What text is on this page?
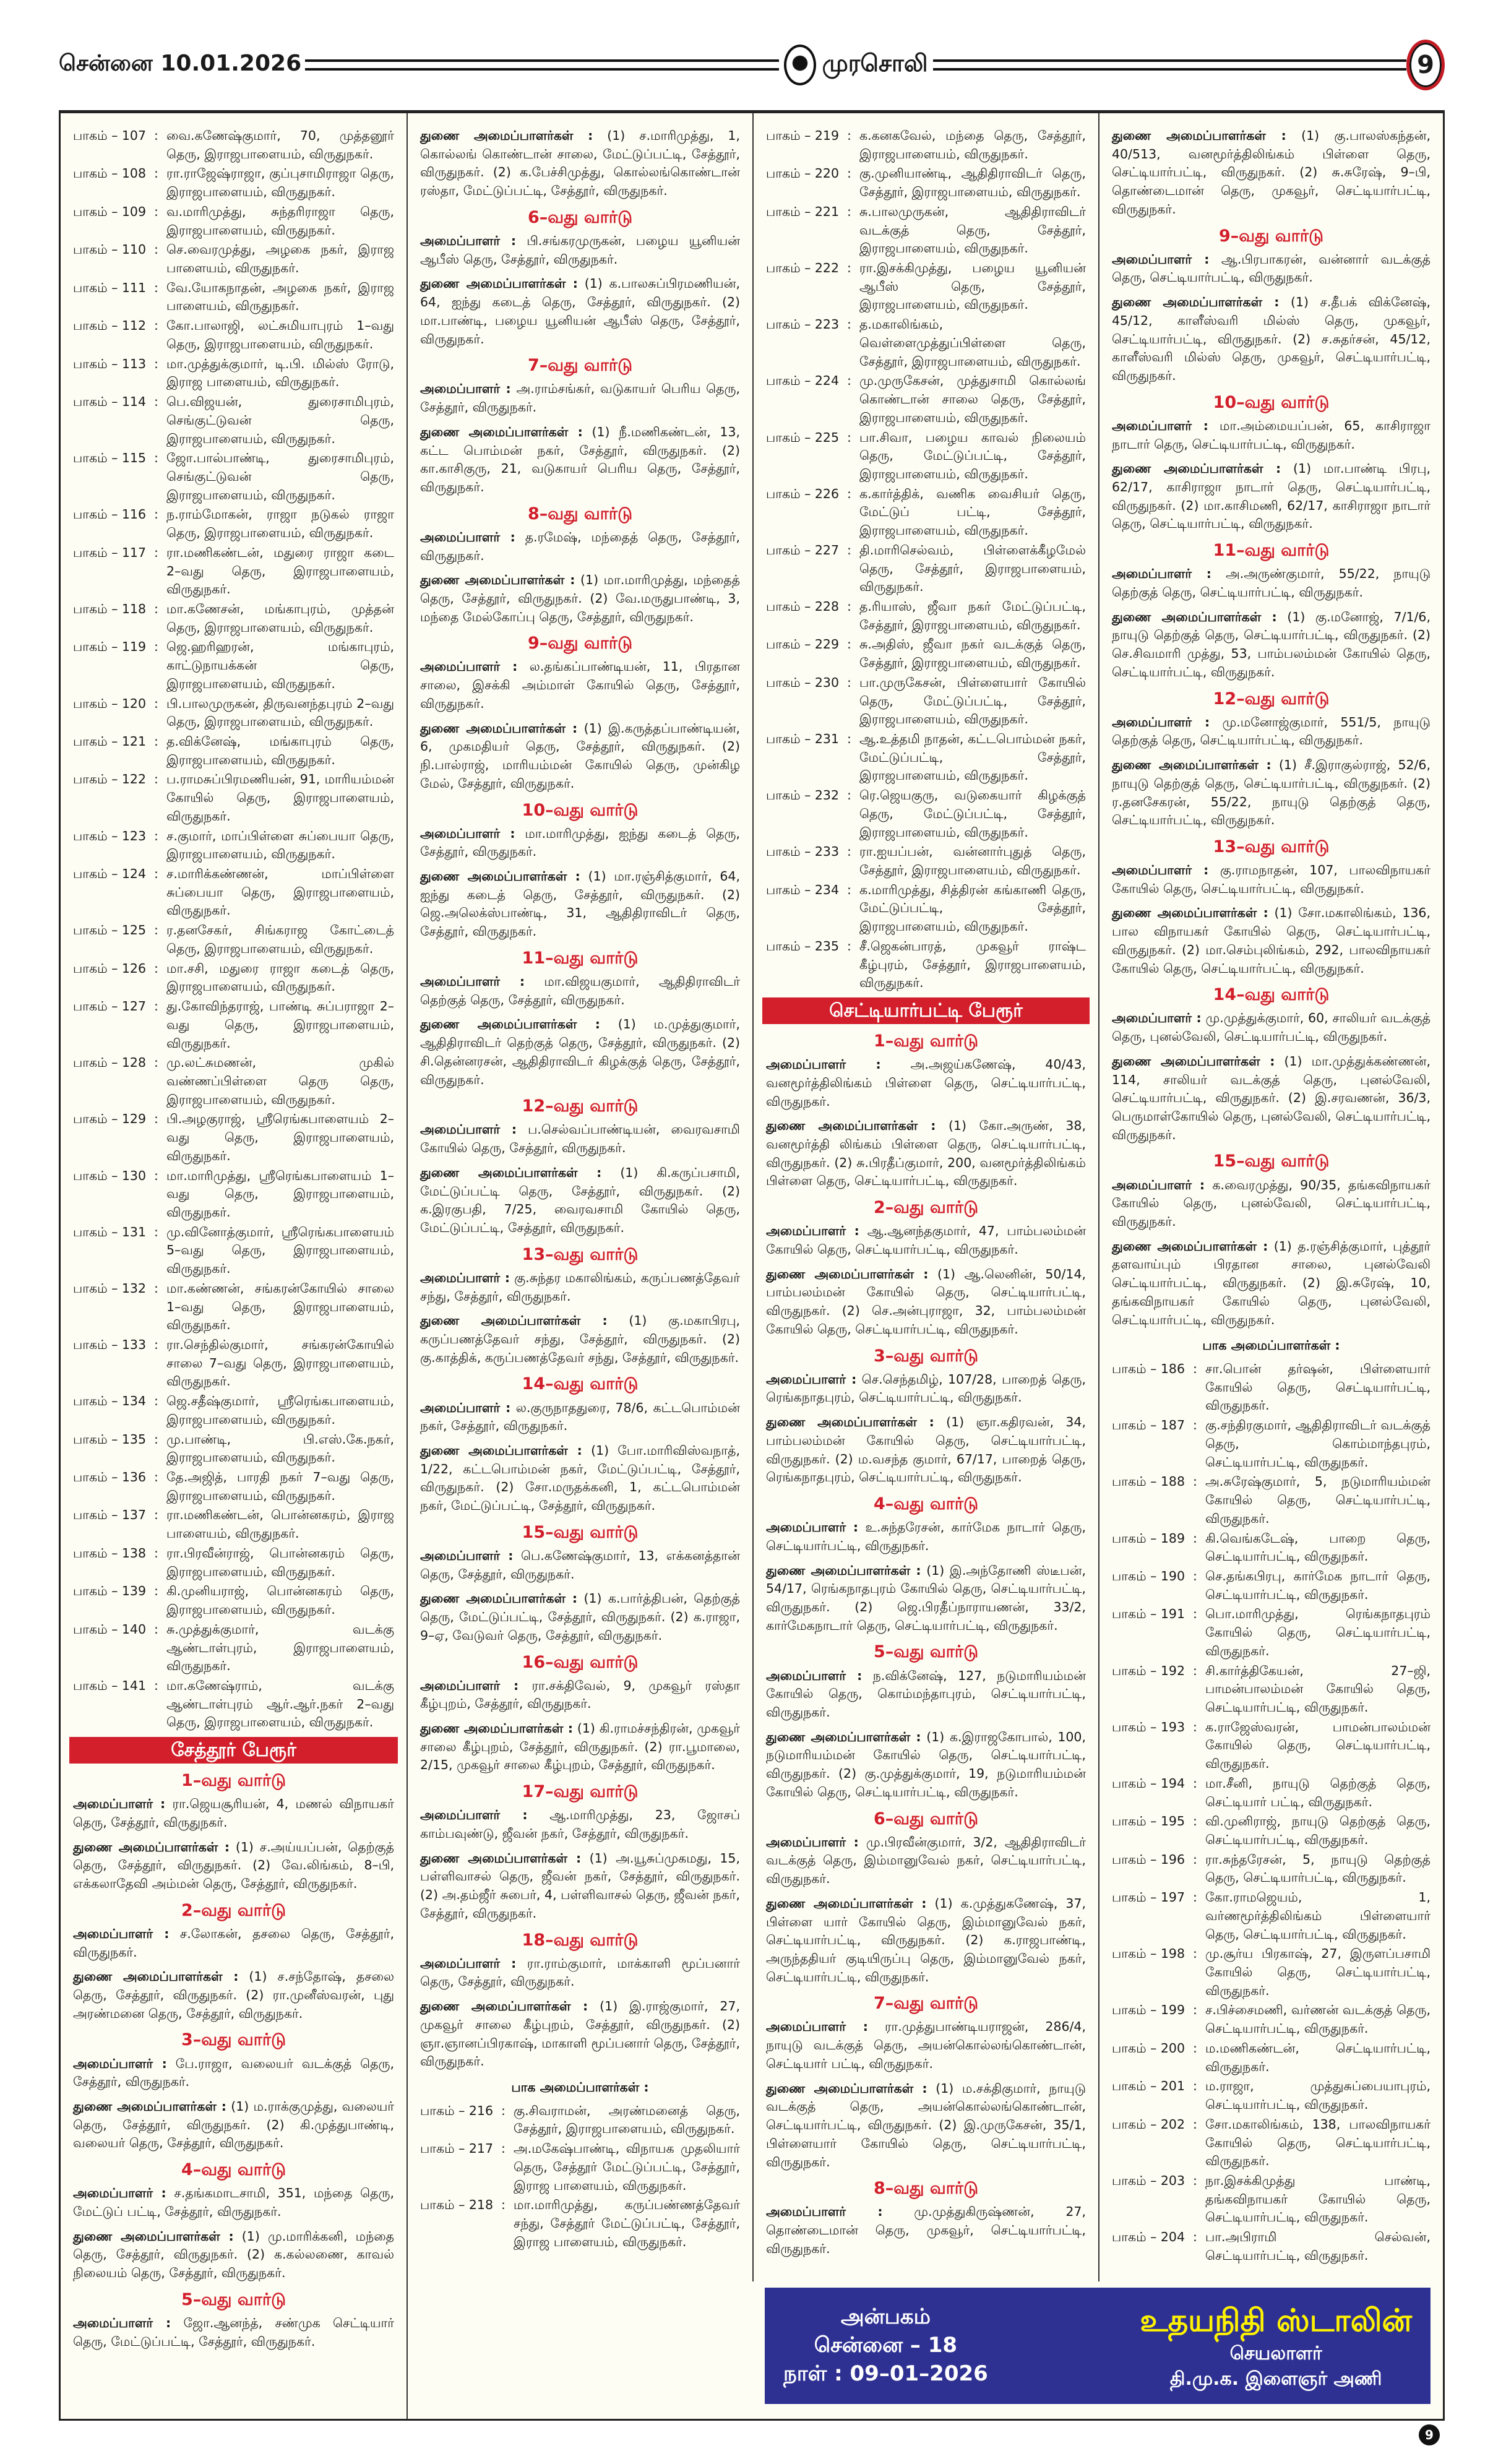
சென்னை 10.01.2026	முரசொலி	9
பாகம் – 107 : வை.கணேஷ்குமார், 70, முத்தனூர் தெரு, இராஜபாளையம், விருதுநகர்.
பாகம் – 108 : ரா.ராஜேஷ்ராஜா, குப்புசாமிராஜா தெரு, இராஜபாளையம், விருதுநகர்.
பாகம் – 109 : வ.மாரிமுத்து, சுந்தரிராஜா தெரு, இராஜபாளையம், விருதுநகர்.
பாகம் – 110 : செ.வைரமுத்து, அழகை நகர், இராஜ பாளையம், விருதுநகர்.
பாகம் – 111 : வே.யோகநாதன், அழகை நகர், இராஜ பாளையம், விருதுநகர்.
பாகம் – 112 : கோ.பாலாஜி, லட்சுமியாபுரம் 1–வது தெரு, இராஜபாளையம், விருதுநகர்.
பாகம் – 113 : மா.முத்துக்குமார், டி.பி. மில்ஸ் ரோடு, இராஜ பாளையம், விருதுநகர்.
பாகம் – 114 : பெ.விஜயன், துரைசாமிபுரம், செங்குட்டுவன் தெரு, இராஜபாளையம், விருதுநகர்.
பாகம் – 115 : ஜோ.பால்பாண்டி, துரைசாமிபுரம், செங்குட்டுவன் தெரு, இராஜபாளையம், விருதுநகர்.
பாகம் – 116 : ந.ராம்மோகன், ராஜா நடுகல் ராஜா தெரு, இராஜபாளையம், விருதுநகர்.
பாகம் – 117 : ரா.மணிகண்டன், மதுரை ராஜா கடை 2–வது தெரு, இராஜபாளையம், விருதுநகர்.
பாகம் – 118 : மா.கணேசன், மங்காபுரம், முத்தன் தெரு, இராஜபாளையம், விருதுநகர்.
பாகம் – 119 : ஜெ.ஹரிஹரன், மங்காபுரம், காட்டுநாயக்கன் தெரு, இராஜபாளையம், விருதுநகர்.
பாகம் – 120 : பி.பாலமுருகன், திருவனந்தபுரம் 2–வது தெரு, இராஜபாளையம், விருதுநகர்.
பாகம் – 121 : த.விக்னேஷ், மங்காபுரம் தெரு, இராஜபாளையம், விருதுநகர்.
பாகம் – 122 : ப.ராமசுப்பிரமணியன், 91, மாரியம்மன் கோயில் தெரு, இராஜபாளையம், விருதுநகர்.
பாகம் – 123 : ச.குமார், மாப்பிள்ளை சுப்பையா தெரு, இராஜபாளையம், விருதுநகர்.
பாகம் – 124 : ச.மாரிக்கண்ணன், மாப்பிள்ளை சுப்பையா தெரு, இராஜபாளையம், விருதுநகர்.
பாகம் – 125 : ர.தனசேகர், சிங்கராஜ கோட்டைத் தெரு, இராஜபாளையம், விருதுநகர்.
பாகம் – 126 : மா.சசி, மதுரை ராஜா கடைத் தெரு, இராஜபாளையம், விருதுநகர்.
பாகம் – 127 : து.கோவிந்தராஜ், பாண்டி சுப்பராஜா 2–வது தெரு, இராஜபாளையம், விருதுநகர்.
பாகம் – 128 : மு.லட்சுமணன், முகில் வண்ணப்பிள்ளை தெரு தெரு, இராஜபாளையம், விருதுநகர்.
பாகம் – 129 : பி.அழகுராஜ், ஸ்ரீரெங்கபாளையம் 2–வது தெரு, இராஜபாளையம், விருதுநகர்.
பாகம் – 130 : மா.மாரிமுத்து, ஸ்ரீரெங்கபாளையம் 1–வது தெரு, இராஜபாளையம், விருதுநகர்.
பாகம் – 131 : மு.வினோத்குமார், ஸ்ரீரெங்கபாளையம் 5–வது தெரு, இராஜபாளையம், விருதுநகர்.
பாகம் – 132 : மா.கண்ணன், சங்கரன்கோயில் சாலை 1–வது தெரு, இராஜபாளையம், விருதுநகர்.
பாகம் – 133 : ரா.செந்தில்குமார், சங்கரன்கோயில் சாலை 7–வது தெரு, இராஜபாளையம், விருதுநகர்.
பாகம் – 134 : ஜெ.சதீஷ்குமார், ஸ்ரீரெங்கபாளையம், இராஜபாளையம், விருதுநகர்.
பாகம் – 135 : மு.பாண்டி, பி.எஸ்.கே.நகர், இராஜபாளையம், விருதுநகர்.
பாகம் – 136 : தே.அஜித், பாரதி நகர் 7–வது தெரு, இராஜபாளையம், விருதுநகர்.
பாகம் – 137 : ரா.மணிகண்டன், பொன்னகரம், இராஜ பாளையம், விருதுநகர்.
பாகம் – 138 : ரா.பிரவீன்ராஜ், பொன்னகரம் தெரு, இராஜபாளையம், விருதுநகர்.
பாகம் – 139 : கி.முனியராஜ், பொன்னகரம் தெரு, இராஜபாளையம், விருதுநகர்.
பாகம் – 140 : சு.முத்துக்குமார், வடக்கு ஆண்டாள்புரம், இராஜபாளையம், விருதுநகர்.
பாகம் – 141 : மா.கணேஷ்ராம், வடக்கு ஆண்டாள்புரம் ஆர்.ஆர்.நகர் 2–வது தெரு, இராஜபாளையம், விருதுநகர்.
சேத்தூர் பேரூர்
1–வது வார்டு
அமைப்பாளர் : ரா.ஜெயசூரியன், 4, மணல் விநாயகர் தெரு, சேத்தூர், விருதுநகர்.
துணை அமைப்பாளர்கள் : (1) ச.அய்யப்பன், தெற்குத் தெரு, சேத்தூர், விருதுநகர். (2) வே.லிங்கம், 8–பி, எக்கலாதேவி அம்மன் தெரு, சேத்தூர், விருதுநகர்.
2–வது வார்டு
அமைப்பாளர் : ச.லோகன், தசலை தெரு, சேத்தூர், விருதுநகர்.
துணை அமைப்பாளர்கள் : (1) ச.சந்தோஷ், தசலை தெரு, சேத்தூர், விருதுநகர். (2) ரா.முனீஸ்வரன், புது அரண்மனை தெரு, சேத்தூர், விருதுநகர்.
3–வது வார்டு
அமைப்பாளர் : பே.ராஜா, வலையர் வடக்குத் தெரு, சேத்தூர், விருதுநகர்.
துணை அமைப்பாளர்கள் : (1) ம.ராக்குமுத்து, வலையர் தெரு, சேத்தூர், விருதுநகர். (2) கி.முத்துபாண்டி, வலையர் தெரு, சேத்தூர், விருதுநகர்.
4–வது வார்டு
அமைப்பாளர் : ச.தங்கமாடசாமி, 351, மந்தை தெரு, மேட்டுப் பட்டி, சேத்தூர், விருதுநகர்.
துணை அமைப்பாளர்கள் : (1) மு.மாரிக்கனி, மந்தை தெரு, சேத்தூர், விருதுநகர். (2) க.கல்லணை, காவல் நிலையம் தெரு, சேத்தூர், விருதுநகர்.
5–வது வார்டு
அமைப்பாளர் : ஜோ.ஆனந்த், சண்முக செட்டியார் தெரு, மேட்டுப்பட்டி, சேத்தூர், விருதுநகர்.
துணை அமைப்பாளர்கள் : (1) ச.மாரிமுத்து, 1, கொல்லங் கொண்டான் சாலை, மேட்டுப்பட்டி, சேத்தூர், விருதுநகர். (2) க.பேச்சிமுத்து, கொல்லங்கொண்டான் ரஸ்தா, மேட்டுப்பட்டி, சேத்தூர், விருதுநகர்.
6–வது வார்டு
அமைப்பாளர் : பி.சங்கரமுருகன், பழைய யூனியன் ஆபீஸ் தெரு, சேத்தூர், விருதுநகர்.
துணை அமைப்பாளர்கள் : (1) க.பாலசுப்பிரமணியன், 64, ஐந்து கடைத் தெரு, சேத்தூர், விருதுநகர். (2) மா.பாண்டி, பழைய யூனியன் ஆபீஸ் தெரு, சேத்தூர், விருதுநகர்.
7–வது வார்டு
அமைப்பாளர் : அ.ராம்சங்கர், வடுகாயர் பெரிய தெரு, சேத்தூர், விருதுநகர்.
துணை அமைப்பாளர்கள் : (1) நீ.மணிகண்டன், 13, கட்ட பொம்மன் நகர், சேத்தூர், விருதுநகர். (2) கா.காசிகுரு, 21, வடுகாயர் பெரிய தெரு, சேத்தூர், விருதுநகர்.
8–வது வார்டு
அமைப்பாளர் : த.ரமேஷ், மந்தைத் தெரு, சேத்தூர், விருதுநகர்.
துணை அமைப்பாளர்கள் : (1) மா.மாரிமுத்து, மந்தைத் தெரு, சேத்தூர், விருதுநகர். (2) வே.மருதுபாண்டி, 3, மந்தை மேல்கோப்பு தெரு, சேத்தூர், விருதுநகர்.
9–வது வார்டு
அமைப்பாளர் : ல.தங்கப்பாண்டியன், 11, பிரதான சாலை, இசக்கி அம்மாள் கோயில் தெரு, சேத்தூர், விருதுநகர்.
துணை அமைப்பாளர்கள் : (1) இ.கருத்தப்பாண்டியன், 6, முகமதியர் தெரு, சேத்தூர், விருதுநகர். (2) நி.பால்ராஜ், மாரியம்மன் கோயில் தெரு, முன்கிழ மேல், சேத்தூர், விருதுநகர்.
10–வது வார்டு
அமைப்பாளர் : மா.மாரிமுத்து, ஐந்து கடைத் தெரு, சேத்தூர், விருதுநகர்.
துணை அமைப்பாளர்கள் : (1) மா.ரஞ்சித்குமார், 64, ஐந்து கடைத் தெரு, சேத்தூர், விருதுநகர். (2) ஜெ.அலெக்ஸ்பாண்டி, 31, ஆதிதிராவிடர் தெரு, சேத்தூர், விருதுநகர்.
11–வது வார்டு
அமைப்பாளர் : மா.விஜயகுமார், ஆதிதிராவிடர் தெற்குத் தெரு, சேத்தூர், விருதுநகர்.
துணை அமைப்பாளர்கள் : (1) ம.முத்துகுமார், ஆதிதிராவிடர் தெற்குத் தெரு, சேத்தூர், விருதுநகர். (2) சி.தென்னரசன், ஆதிதிராவிடர் கிழக்குத் தெரு, சேத்தூர், விருதுநகர்.
12–வது வார்டு
அமைப்பாளர் : ப.செல்வப்பாண்டியன், வைரவசாமி கோயில் தெரு, சேத்தூர், விருதுநகர்.
துணை அமைப்பாளர்கள் : (1) கி.கருப்பசாமி, மேட்டுப்பட்டி தெரு, சேத்தூர், விருதுநகர். (2) க.இரகுபதி, 7/25, வைரவசாமி கோயில் தெரு, மேட்டுப்பட்டி, சேத்தூர், விருதுநகர்.
13–வது வார்டு
அமைப்பாளர் : கு.சுந்தர மகாலிங்கம், கருப்பணத்தேவர் சந்து, சேத்தூர், விருதுநகர்.
துணை அமைப்பாளர்கள் : (1) கு.மகாபிரபு, கருப்பணத்தேவர் சந்து, சேத்தூர், விருதுநகர். (2) கு.காத்திக், கருப்பணத்தேவர் சந்து, சேத்தூர், விருதுநகர்.
14–வது வார்டு
அமைப்பாளர் : ல.குருநாததுரை, 78/6, கட்டபொம்மன் நகர், சேத்தூர், விருதுநகர்.
துணை அமைப்பாளர்கள் : (1) போ.மாரிவிஸ்வநாத், 1/22, கட்டபொம்மன் நகர், மேட்டுப்பட்டி, சேத்தூர், விருதுநகர். (2) சோ.மருதக்கனி, 1, கட்டபொம்மன் நகர், மேட்டுப்பட்டி, சேத்தூர், விருதுநகர்.
15–வது வார்டு
அமைப்பாளர் : பெ.கணேஷ்குமார், 13, எக்கனத்தான் தெரு, சேத்தூர், விருதுநகர்.
துணை அமைப்பாளர்கள் : (1) க.பார்த்திபன், தெற்குத் தெரு, மேட்டுப்பட்டி, சேத்தூர், விருதுநகர். (2) க.ராஜா, 9–ஏ, வேடுவர் தெரு, சேத்தூர், விருதுநகர்.
16–வது வார்டு
அமைப்பாளர் : ரா.சக்திவேல், 9, முகவூர் ரஸ்தா கீழ்புறம், சேத்தூர், விருதுநகர்.
துணை அமைப்பாளர்கள் : (1) கி.ராமச்சந்திரன், முகவூர் சாலை கீழ்புறம், சேத்தூர், விருதுநகர். (2) ரா.பூமாலை, 2/15, முகவூர் சாலை கீழ்புறம், சேத்தூர், விருதுநகர்.
17–வது வார்டு
அமைப்பாளர் : ஆ.மாரிமுத்து, 23, ஜோசப் காம்பவுண்டு, ஜீவன் நகர், சேத்தூர், விருதுநகர்.
துணை அமைப்பாளர்கள் : (1) அ.யூசுப்முகமது, 15, பள்ளிவாசல் தெரு, ஜீவன் நகர், சேத்தூர், விருதுநகர். (2) அ.தம்ஜீர் சுபைர், 4, பள்ளிவாசல் தெரு, ஜீவன் நகர், சேத்தூர், விருதுநகர்.
18–வது வார்டு
அமைப்பாளர் : ரா.ராம்குமார், மாக்காளி மூப்பனார் தெரு, சேத்தூர், விருதுநகர்.
துணை அமைப்பாளர்கள் : (1) இ.ராஜ்குமார், 27, முகவூர் சாலை கீழ்புறம், சேத்தூர், விருதுநகர். (2) ஞா.ஞானப்பிரகாஷ், மாகாளி மூப்பனார் தெரு, சேத்தூர், விருதுநகர்.
பாக அமைப்பாளர்கள் :
பாகம் – 216 : கு.சிவராமன், அரண்மனைத் தெரு, சேத்தூர், இராஜபாளையம், விருதுநகர்.
பாகம் – 217 : அ.மகேஷ்பாண்டி, விநாயக முதலியார் தெரு, சேத்தூர் மேட்டுப்பட்டி, சேத்தூர், இராஜ பாளையம், விருதுநகர்.
பாகம் – 218 : மா.மாரிமுத்து, கருப்பண்ணத்தேவர் சந்து, சேத்தூர் மேட்டுப்பட்டி, சேத்தூர், இராஜ பாளையம், விருதுநகர்.
பாகம் – 219 : க.கனகவேல், மந்தை தெரு, சேத்தூர், இராஜபாளையம், விருதுநகர்.
பாகம் – 220 : கு.முனியாண்டி, ஆதிதிராவிடர் தெரு, சேத்தூர், இராஜபாளையம், விருதுநகர்.
பாகம் – 221 : சு.பாலமுருகன், ஆதிதிராவிடர் வடக்குத் தெரு, சேத்தூர், இராஜபாளையம், விருதுநகர்.
பாகம் – 222 : ரா.இசக்கிமுத்து, பழைய யூனியன் ஆபீஸ் தெரு, சேத்தூர், இராஜபாளையம், விருதுநகர்.
பாகம் – 223 : த.மகாலிங்கம், வெள்ளைமுத்துப்பிள்ளை தெரு, சேத்தூர், இராஜபாளையம், விருதுநகர்.
பாகம் – 224 : மு.முருகேசன், முத்துசாமி கொல்லங் கொண்டான் சாலை தெரு, சேத்தூர், இராஜபாளையம், விருதுநகர்.
பாகம் – 225 : பா.சிவா, பழைய காவல் நிலையம் தெரு, மேட்டுப்பட்டி, சேத்தூர், இராஜபாளையம், விருதுநகர்.
பாகம் – 226 : க.கார்த்திக், வணிக வைசியர் தெரு, மேட்டுப் பட்டி, சேத்தூர், இராஜபாளையம், விருதுநகர்.
பாகம் – 227 : தி.மாரிசெல்வம், பிள்ளைக்கீழமேல் தெரு, சேத்தூர், இராஜபாளையம், விருதுநகர்.
பாகம் – 228 : த.ரியாஸ், ஜீவா நகர் மேட்டுப்பட்டி, சேத்தூர், இராஜபாளையம், விருதுநகர்.
பாகம் – 229 : சு.அதிஸ், ஜீவா நகர் வடக்குத் தெரு, சேத்தூர், இராஜபாளையம், விருதுநகர்.
பாகம் – 230 : பா.முருகேசன், பிள்ளையார் கோயில் தெரு, மேட்டுப்பட்டி, சேத்தூர், இராஜபாளையம், விருதுநகர்.
பாகம் – 231 : ஆ.உத்தமி நாதன், கட்டபொம்மன் நகர், மேட்டுப்பட்டி, சேத்தூர், இராஜபாளையம், விருதுநகர்.
பாகம் – 232 : ரெ.ஜெயகுரு, வடுகையார் கிழக்குத் தெரு, மேட்டுப்பட்டி, சேத்தூர், இராஜபாளையம், விருதுநகர்.
பாகம் – 233 : ரா.ஐயப்பன், வன்னார்புதுத் தெரு, சேத்தூர், இராஜபாளையம், விருதுநகர்.
பாகம் – 234 : க.மாரிமுத்து, சித்திரன் கங்காணி தெரு, மேட்டுப்பட்டி, சேத்தூர், இராஜபாளையம், விருதுநகர்.
பாகம் – 235 : சீ.ஜெகன்பாரத், முகவூர் ராஷ்ட கீழ்புரம், சேத்தூர், இராஜபாளையம், விருதுநகர்.
செட்டியார்பட்டி பேரூர்
1–வது வார்டு
அமைப்பாளர் : அ.அஜய்கணேஷ், 40/43, வனமூர்த்திலிங்கம் பிள்ளை தெரு, செட்டியார்பட்டி, விருதுநகர்.
துணை அமைப்பாளர்கள் : (1) கோ.அருண், 38, வனமூர்த்தி லிங்கம் பிள்ளை தெரு, செட்டியார்பட்டி, விருதுநகர். (2) சு.பிரதீப்குமார், 200, வனமூர்த்திலிங்கம் பிள்ளை தெரு, செட்டியார்பட்டி, விருதுநகர்.
2–வது வார்டு
அமைப்பாளர் : ஆ.ஆனந்தகுமார், 47, பாம்பலம்மன் கோயில் தெரு, செட்டியார்பட்டி, விருதுநகர்.
துணை அமைப்பாளர்கள் : (1) ஆ.லெனின், 50/14, பாம்பலம்மன் கோயில் தெரு, செட்டியார்பட்டி, விருதுநகர். (2) செ.அன்புராஜா, 32, பாம்பலம்மன் கோயில் தெரு, செட்டியார்பட்டி, விருதுநகர்.
3–வது வார்டு
அமைப்பாளர் : செ.செந்தமிழ், 107/28, பாறைத் தெரு, ரெங்கநாதபுரம், செட்டியார்பட்டி, விருதுநகர்.
துணை அமைப்பாளர்கள் : (1) ஞா.கதிரவன், 34, பாம்பலம்மன் கோயில் தெரு, செட்டியார்பட்டி, விருதுநகர். (2) ம.வசந்த குமார், 67/17, பாறைத் தெரு, ரெங்கநாதபுரம், செட்டியார்பட்டி, விருதுநகர்.
4–வது வார்டு
அமைப்பாளர் : உ.சுந்தரேசன், கார்மேக நாடார் தெரு, செட்டியார்பட்டி, விருதுநகர்.
துணை அமைப்பாளர்கள் : (1) இ.அந்தோணி ஸ்டீபன், 54/17, ரெங்கநாதபுரம் கோயில் தெரு, செட்டியார்பட்டி, விருதுநகர். (2) ஜெ.பிரதீப்நாராயணன், 33/2, கார்மேகநாடார் தெரு, செட்டியார்பட்டி, விருதுநகர்.
5–வது வார்டு
அமைப்பாளர் : ந.விக்னேஷ், 127, நடுமாரியம்மன் கோயில் தெரு, கொம்மந்தாபுரம், செட்டியார்பட்டி, விருதுநகர்.
துணை அமைப்பாளர்கள் : (1) க.இராஜகோபால், 100, நடுமாரியம்மன் கோயில் தெரு, செட்டியார்பட்டி, விருதுநகர். (2) கு.முத்துக்குமார், 19, நடுமாரியம்மன் கோயில் தெரு, செட்டியார்பட்டி, விருதுநகர்.
6–வது வார்டு
அமைப்பாளர் : மு.பிரவீன்குமார், 3/2, ஆதிதிராவிடர் வடக்குத் தெரு, இம்மானுவேல் நகர், செட்டியார்பட்டி, விருதுநகர்.
துணை அமைப்பாளர்கள் : (1) க.முத்துகணேஷ், 37, பிள்ளை யார் கோயில் தெரு, இம்மானுவேல் நகர், செட்டியார்பட்டி, விருதுநகர். (2) க.ராஜபாண்டி, அருந்ததியர் குடியிருப்பு தெரு, இம்மானுவேல் நகர், செட்டியார்பட்டி, விருதுநகர்.
7–வது வார்டு
அமைப்பாளர் : ரா.முத்துபாண்டியராஜன், 286/4, நாயுடு வடக்குத் தெரு, அயன்கொல்லங்கொண்டான், செட்டியார் பட்டி, விருதுநகர்.
துணை அமைப்பாளர்கள் : (1) ம.சக்திகுமார், நாயுடு வடக்குத் தெரு, அயன்கொல்லங்கொண்டான், செட்டியார்பட்டி, விருதுநகர். (2) இ.முருகேசன், 35/1, பிள்ளையார் கோயில் தெரு, செட்டியார்பட்டி, விருதுநகர்.
8–வது வார்டு
அமைப்பாளர் : மு.முத்துகிருஷ்ணன், 27, தொண்டைமான் தெரு, முகவூர், செட்டியார்பட்டி, விருதுநகர்.
துணை அமைப்பாளர்கள் : (1) கு.பாலஸ்கந்தன், 40/513, வனமூர்த்திலிங்கம் பிள்ளை தெரு, செட்டியார்பட்டி, விருதுநகர். (2) சு.சுரேஷ், 9–பி, தொண்டைமான் தெரு, முகவூர், செட்டியார்பட்டி, விருதுநகர்.
9–வது வார்டு
அமைப்பாளர் : ஆ.பிரபாகரன், வன்னார் வடக்குத் தெரு, செட்டியார்பட்டி, விருதுநகர்.
துணை அமைப்பாளர்கள் : (1) ச.தீபக் விக்னேஷ், 45/12, காளீஸ்வரி மில்ஸ் தெரு, முகவூர், செட்டியார்பட்டி, விருதுநகர். (2) ச.சுதர்சன், 45/12, காளீஸ்வரி மில்ஸ் தெரு, முகவூர், செட்டியார்பட்டி, விருதுநகர்.
10–வது வார்டு
அமைப்பாளர் : மா.அம்மையப்பன், 65, காசிராஜா நாடார் தெரு, செட்டியார்பட்டி, விருதுநகர்.
துணை அமைப்பாளர்கள் : (1) மா.பாண்டி பிரபு, 62/17, காசிராஜா நாடார் தெரு, செட்டியார்பட்டி, விருதுநகர். (2) மா.காசிமணி, 62/17, காசிராஜா நாடார் தெரு, செட்டியார்பட்டி, விருதுநகர்.
11–வது வார்டு
அமைப்பாளர் : அ.அருண்குமார், 55/22, நாயுடு தெற்குத் தெரு, செட்டியார்பட்டி, விருதுநகர்.
துணை அமைப்பாளர்கள் : (1) கு.மனோஜ், 7/1/6, நாயுடு தெற்குத் தெரு, செட்டியார்பட்டி, விருதுநகர். (2) செ.சிவமாரி முத்து, 53, பாம்பலம்மன் கோயில் தெரு, செட்டியார்பட்டி, விருதுநகர்.
12–வது வார்டு
அமைப்பாளர் : மு.மனோஜ்குமார், 551/5, நாயுடு தெற்குத் தெரு, செட்டியார்பட்டி, விருதுநகர்.
துணை அமைப்பாளர்கள் : (1) சீ.இராகுல்ராஜ், 52/6, நாயுடு தெற்குத் தெரு, செட்டியார்பட்டி, விருதுநகர். (2) ர.தனசேகரன், 55/22, நாயுடு தெற்குத் தெரு, செட்டியார்பட்டி, விருதுநகர்.
13–வது வார்டு
அமைப்பாளர் : கு.ராமநாதன், 107, பாலவிநாயகர் கோயில் தெரு, செட்டியார்பட்டி, விருதுநகர்.
துணை அமைப்பாளர்கள் : (1) சோ.மகாலிங்கம், 136, பால விநாயகர் கோயில் தெரு, செட்டியார்பட்டி, விருதுநகர். (2) மா.செம்புலிங்கம், 292, பாலவிநாயகர் கோயில் தெரு, செட்டியார்பட்டி, விருதுநகர்.
14–வது வார்டு
அமைப்பாளர் : மு.முத்துக்குமார், 60, சாலியர் வடக்குத் தெரு, புனல்வேலி, செட்டியார்பட்டி, விருதுநகர்.
துணை அமைப்பாளர்கள் : (1) மா.முத்துக்கண்ணன், 114, சாலியர் வடக்குத் தெரு, புனல்வேலி, செட்டியார்பட்டி, விருதுநகர். (2) இ.சரவணன், 36/3, பெருமாள்கோயில் தெரு, புனல்வேலி, செட்டியார்பட்டி, விருதுநகர்.
15–வது வார்டு
அமைப்பாளர் : க.வைரமுத்து, 90/35, தங்கவிநாயகர் கோயில் தெரு, புனல்வேலி, செட்டியார்பட்டி, விருதுநகர்.
துணை அமைப்பாளர்கள் : (1) த.ரஞ்சித்குமார், புத்தூர் தளவாய்பும் பிரதான சாலை, புனல்வேலி செட்டியார்பட்டி, விருதுநகர். (2) இ.சுரேஷ், 10, தங்கவிநாயகர் கோயில் தெரு, புனல்வேலி, செட்டியார்பட்டி, விருதுநகர்.
பாக அமைப்பாளர்கள் :
பாகம் – 186 : சா.பொன் தர்ஷன், பிள்ளையார் கோயில் தெரு, செட்டியார்பட்டி, விருதுநகர்.
பாகம் – 187 : கு.சந்திரகுமார், ஆதிதிராவிடர் வடக்குத் தெரு, கொம்மாந்தபுரம், செட்டியார்பட்டி, விருதுநகர்.
பாகம் – 188 : அ.சுரேஷ்குமார், 5, நடுமாரியம்மன் கோயில் தெரு, செட்டியார்பட்டி, விருதுநகர்.
பாகம் – 189 : கி.வெங்கடேஷ், பாறை தெரு, செட்டியார்பட்டி, விருதுநகர்.
பாகம் – 190 : செ.தங்கபிரபு, கார்மேக நாடார் தெரு, செட்டியார்பட்டி, விருதுநகர்.
பாகம் – 191 : பொ.மாரிமுத்து, ரெங்கநாதபுரம் கோயில் தெரு, செட்டியார்பட்டி, விருதுநகர்.
பாகம் – 192 : சி.கார்த்திகேயன், 27–ஜி, பாமன்பாலம்மன் கோயில் தெரு, செட்டியார்பட்டி, விருதுநகர்.
பாகம் – 193 : க.ராஜேஸ்வரன், பாமன்பாலம்மன் கோயில் தெரு, செட்டியார்பட்டி, விருதுநகர்.
பாகம் – 194 : மா.சீனி, நாயுடு தெற்குத் தெரு, செட்டியார் பட்டி, விருதுநகர்.
பாகம் – 195 : வி.முனிராஜ், நாயுடு தெற்குத் தெரு, செட்டியார்பட்டி, விருதுநகர்.
பாகம் – 196 : ரா.சுந்தரேசன், 5, நாயுடு தெற்குத் தெரு, செட்டியார்பட்டி, விருதுநகர்.
பாகம் – 197 : கோ.ராமஜெயம், 1, வர்ணமூர்த்திலிங்கம் பிள்ளையார் தெரு, செட்டியார்பட்டி, விருதுநகர்.
பாகம் – 198 : மு.சூர்ய பிரகாஷ், 27, இருளப்பசாமி கோயில் தெரு, செட்டியார்பட்டி, விருதுநகர்.
பாகம் – 199 : ச.பிச்சைமணி, வர்ணன் வடக்குத் தெரு, செட்டியார்பட்டி, விருதுநகர்.
பாகம் – 200 : ம.மணிகண்டன், செட்டியார்பட்டி, விருதுநகர்.
பாகம் – 201 : ம.ராஜா, முத்துசுப்பையாபுரம், செட்டியார்பட்டி, விருதுநகர்.
பாகம் – 202 : சோ.மகாலிங்கம், 138, பாலவிநாயகர் கோயில் தெரு, செட்டியார்பட்டி, விருதுநகர்.
பாகம் – 203 : நா.இசக்கிமுத்து பாண்டி, தங்கவிநாயகர் கோயில் தெரு, செட்டியார்பட்டி, விருதுநகர்.
பாகம் – 204 : பா.அபிராமி செல்வன், செட்டியார்பட்டி, விருதுநகர்.
அன்பகம்
சென்னை – 18
நாள் : 09–01–2026
உதயநிதி ஸ்டாலின்
செயலாளர்
தி.மு.க. இளைஞர் அணி
9
